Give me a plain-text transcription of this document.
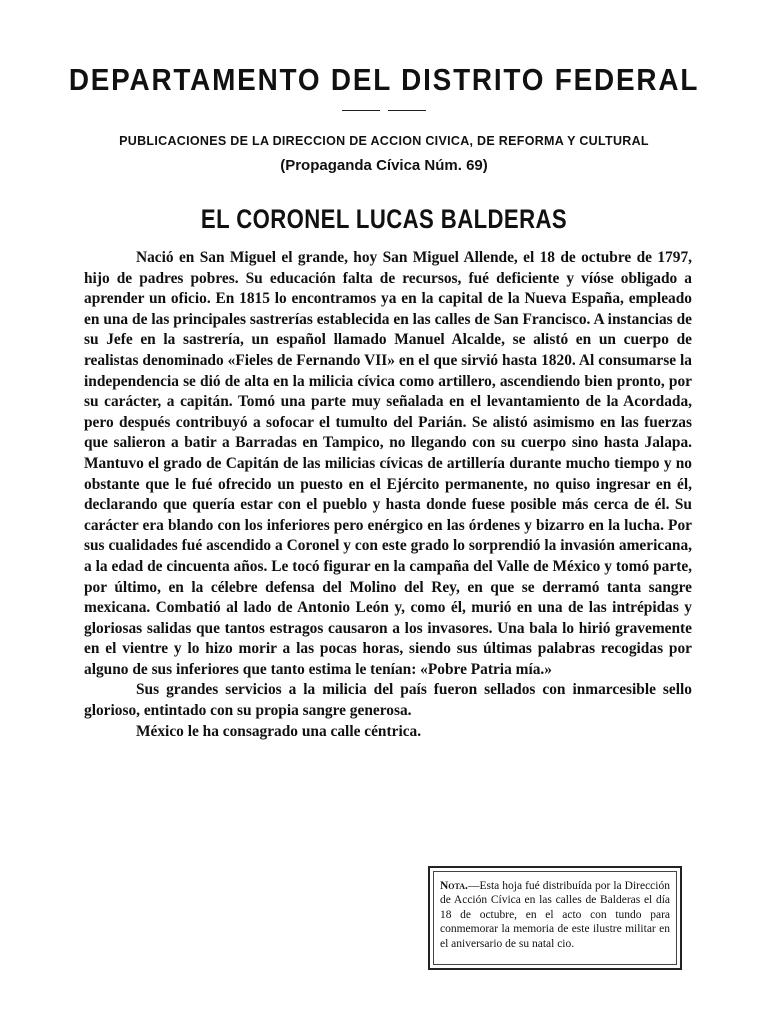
DEPARTAMENTO DEL DISTRITO FEDERAL
PUBLICACIONES DE LA DIRECCION DE ACCION CIVICA, DE REFORMA Y CULTURAL
(Propaganda Cívica Núm. 69)
EL CORONEL LUCAS BALDERAS

Nació en San Miguel el grande, hoy San Miguel Allende, el 18 de octubre de 1797, hijo de padres pobres. Su educación falta de recursos, fué deficiente y víóse obligado a aprender un oficio. En 1815 lo encontramos ya en la capital de la Nueva España, empleado en una de las principales sastrerías establecida en las calles de San Francisco. A instancias de su Jefe en la sastrería, un español llamado Manuel Alcalde, se alistó en un cuerpo de realistas denominado «Fieles de Fernando VII» en el que sirvió hasta 1820. Al consumarse la independencia se dió de alta en la milicia cívica como artillero, ascendiendo bien pronto, por su carácter, a capitán. Tomó una parte muy señalada en el levantamiento de la Acordada, pero después contribuyó a sofocar el tumulto del Parián. Se alistó asimismo en las fuerzas que salieron a batir a Barradas en Tampico, no llegando con su cuerpo sino hasta Jalapa. Mantuvo el grado de Capitán de las milicias cívicas de artillería durante mucho tiempo y no obstante que le fué ofrecido un puesto en el Ejército permanente, no quiso ingresar en él, declarando que quería estar con el pueblo y hasta donde fuese posible más cerca de él. Su carácter era blando con los inferiores pero enérgico en las órdenes y bizarro en la lucha. Por sus cualidades fué ascendido a Coronel y con este grado lo sorprendió la invasión americana, a la edad de cincuenta años. Le tocó figurar en la campaña del Valle de México y tomó parte, por último, en la célebre defensa del Molino del Rey, en que se derramó tanta sangre mexicana. Combatió al lado de Antonio León y, como él, murió en una de las intrépidas y gloriosas salidas que tantos estragos causaron a los invasores. Una bala lo hirió gravemente en el vientre y lo hizo morir a las pocas horas, siendo sus últimas palabras recogidas por alguno de sus inferiores que tanto estima le tenían: «Pobre Patria mía.»

Sus grandes servicios a la milicia del país fueron sellados con inmarcesible sello glorioso, entintado con su propia sangre generosa.

México le ha consagrado una calle céntrica.

Nota.—Esta hoja fué distribuída por la Dirección de Acción Cívica en las calles de Balderas el día 18 de octubre, en el acto con tundo para conmemorar la memoria de este ilustre militar en el aniversario de su natal cio.
